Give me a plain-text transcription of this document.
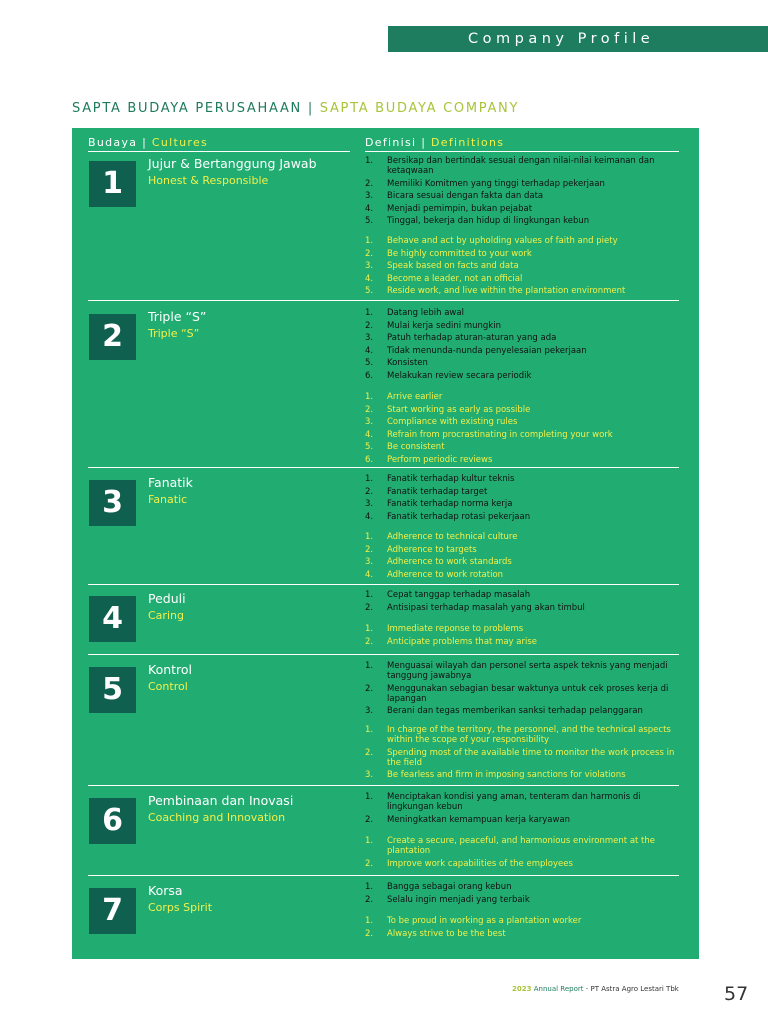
Company Profile
SAPTA BUDAYA PERUSAHAAN | SAPTA BUDAYA COMPANY
Budaya | Cultures	Definisi | Definitions
1
Jujur & Bertanggung Jawab
Honest & Responsible
1. Bersikap dan bertindak sesuai dengan nilai-nilai keimanan dan ketaqwaan
2. Memiliki Komitmen yang tinggi terhadap pekerjaan
3. Bicara sesuai dengan fakta dan data
4. Menjadi pemimpin, bukan pejabat
5. Tinggal, bekerja dan hidup di lingkungan kebun
1. Behave and act by upholding values of faith and piety
2. Be highly committed to your work
3. Speak based on facts and data
4. Become a leader, not an official
5. Reside work, and live within the plantation environment
2
Triple “S”
Triple “S”
1. Datang lebih awal
2. Mulai kerja sedini mungkin
3. Patuh terhadap aturan-aturan yang ada
4. Tidak menunda-nunda penyelesaian pekerjaan
5. Konsisten
6. Melakukan review secara periodik
1. Arrive earlier
2. Start working as early as possible
3. Compliance with existing rules
4. Refrain from procrastinating in completing your work
5. Be consistent
6. Perform periodic reviews
3
Fanatik
Fanatic
1. Fanatik terhadap kultur teknis
2. Fanatik terhadap target
3. Fanatik terhadap norma kerja
4. Fanatik terhadap rotasi pekerjaan
1. Adherence to technical culture
2. Adherence to targets
3. Adherence to work standards
4. Adherence to work rotation
4
Peduli
Caring
1. Cepat tanggap terhadap masalah
2. Antisipasi terhadap masalah yang akan timbul
1. Immediate reponse to problems
2. Anticipate problems that may arise
5
Kontrol
Control
1. Menguasai wilayah dan personel serta aspek teknis yang menjadi tanggung jawabnya
2. Menggunakan sebagian besar waktunya untuk cek proses kerja di lapangan
3. Berani dan tegas memberikan sanksi terhadap pelanggaran
1. In charge of the territory, the personnel, and the technical aspects within the scope of your responsibility
2. Spending most of the available time to monitor the work process in the field
3. Be fearless and firm in imposing sanctions for violations
6
Pembinaan dan Inovasi
Coaching and Innovation
1. Menciptakan kondisi yang aman, tenteram dan harmonis di lingkungan kebun
2. Meningkatkan kemampuan kerja karyawan
1. Create a secure, peaceful, and harmonious environment at the plantation
2. Improve work capabilities of the employees
7
Korsa
Corps Spirit
1. Bangga sebagai orang kebun
2. Selalu ingin menjadi yang terbaik
1. To be proud in working as a plantation worker
2. Always strive to be the best
2023 Annual Report - PT Astra Agro Lestari Tbk 57
